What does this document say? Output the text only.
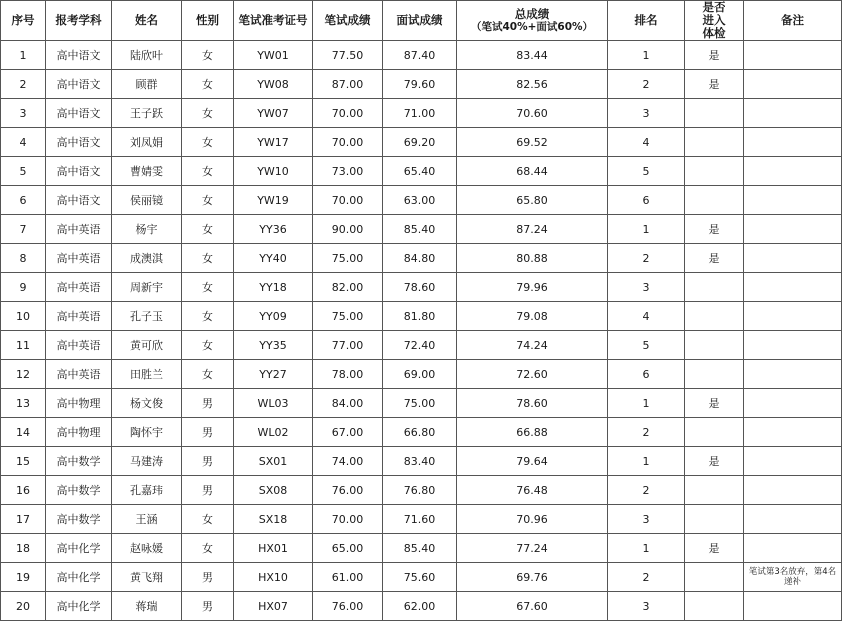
序号	报考学科	姓名	性别	笔试准考证号	笔试成绩	面试成绩	总成绩
（笔试40%+面试60%）	排名	是否进入体检	备注
1	高中语文	陆欣叶	女	YW01	77.50	87.40	83.44	1	是	
2	高中语文	顾群	女	YW08	87.00	79.60	82.56	2	是	
3	高中语文	王子跃	女	YW07	70.00	71.00	70.60	3		
4	高中语文	刘凤娟	女	YW17	70.00	69.20	69.52	4		
5	高中语文	曹婧雯	女	YW10	73.00	65.40	68.44	5		
6	高中语文	侯丽镜	女	YW19	70.00	63.00	65.80	6		
7	高中英语	杨宇	女	YY36	90.00	85.40	87.24	1	是	
8	高中英语	成澳淇	女	YY40	75.00	84.80	80.88	2	是	
9	高中英语	周新宇	女	YY18	82.00	78.60	79.96	3		
10	高中英语	孔子玉	女	YY09	75.00	81.80	79.08	4		
11	高中英语	黄可欣	女	YY35	77.00	72.40	74.24	5		
12	高中英语	田胜兰	女	YY27	78.00	69.00	72.60	6		
13	高中物理	杨文俊	男	WL03	84.00	75.00	78.60	1	是	
14	高中物理	陶怀宇	男	WL02	67.00	66.80	66.88	2		
15	高中数学	马建涛	男	SX01	74.00	83.40	79.64	1	是	
16	高中数学	孔嘉玮	男	SX08	76.00	76.80	76.48	2		
17	高中数学	王涵	女	SX18	70.00	71.60	70.96	3		
18	高中化学	赵咏媛	女	HX01	65.00	85.40	77.24	1	是	
19	高中化学	黄飞翔	男	HX10	61.00	75.60	69.76	2		笔试第3名放弃，第4名递补
20	高中化学	蒋瑞	男	HX07	76.00	62.00	67.60	3		
